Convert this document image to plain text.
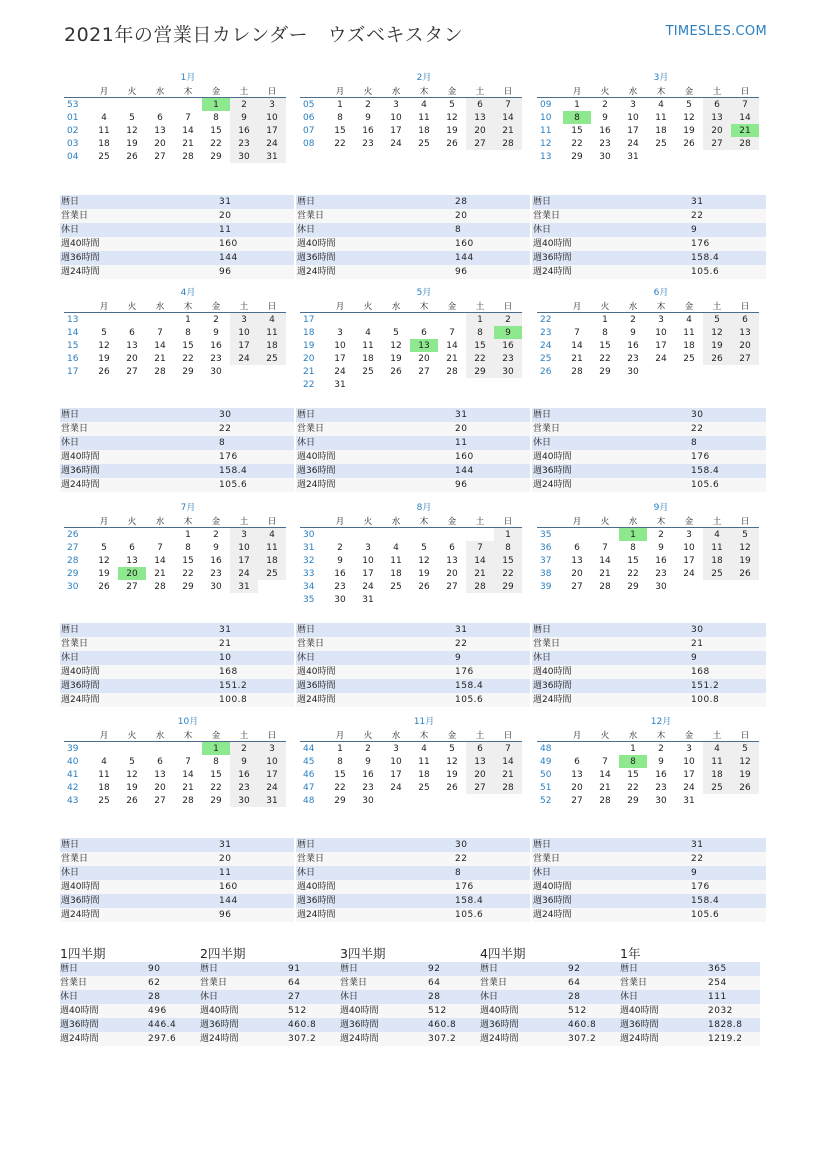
2021年の営業日カレンダー　ウズベキスタン	TIMESLES.COM
1月
	月	火	水	木	金	土	日
53					1	2	3
01	4	5	6	7	8	9	10
02	11	12	13	14	15	16	17
03	18	19	20	21	22	23	24
04	25	26	27	28	29	30	31
暦日	31
営業日	20
休日	11
週40時間	160
週36時間	144
週24時間	96
2月
	月	火	水	木	金	土	日
05	1	2	3	4	5	6	7
06	8	9	10	11	12	13	14
07	15	16	17	18	19	20	21
08	22	23	24	25	26	27	28
暦日	28
営業日	20
休日	8
週40時間	160
週36時間	144
週24時間	96
3月
	月	火	水	木	金	土	日
09	1	2	3	4	5	6	7
10	8	9	10	11	12	13	14
11	15	16	17	18	19	20	21
12	22	23	24	25	26	27	28
13	29	30	31				
暦日	31
営業日	22
休日	9
週40時間	176
週36時間	158.4
週24時間	105.6
4月
	月	火	水	木	金	土	日
13				1	2	3	4
14	5	6	7	8	9	10	11
15	12	13	14	15	16	17	18
16	19	20	21	22	23	24	25
17	26	27	28	29	30		
暦日	30
営業日	22
休日	8
週40時間	176
週36時間	158.4
週24時間	105.6
5月
	月	火	水	木	金	土	日
17						1	2
18	3	4	5	6	7	8	9
19	10	11	12	13	14	15	16
20	17	18	19	20	21	22	23
21	24	25	26	27	28	29	30
22	31						
暦日	31
営業日	20
休日	11
週40時間	160
週36時間	144
週24時間	96
6月
	月	火	水	木	金	土	日
22		1	2	3	4	5	6
23	7	8	9	10	11	12	13
24	14	15	16	17	18	19	20
25	21	22	23	24	25	26	27
26	28	29	30				
暦日	30
営業日	22
休日	8
週40時間	176
週36時間	158.4
週24時間	105.6
7月
	月	火	水	木	金	土	日
26				1	2	3	4
27	5	6	7	8	9	10	11
28	12	13	14	15	16	17	18
29	19	20	21	22	23	24	25
30	26	27	28	29	30	31	
暦日	31
営業日	21
休日	10
週40時間	168
週36時間	151.2
週24時間	100.8
8月
	月	火	水	木	金	土	日
30							1
31	2	3	4	5	6	7	8
32	9	10	11	12	13	14	15
33	16	17	18	19	20	21	22
34	23	24	25	26	27	28	29
35	30	31					
暦日	31
営業日	22
休日	9
週40時間	176
週36時間	158.4
週24時間	105.6
9月
	月	火	水	木	金	土	日
35			1	2	3	4	5
36	6	7	8	9	10	11	12
37	13	14	15	16	17	18	19
38	20	21	22	23	24	25	26
39	27	28	29	30			
暦日	30
営業日	21
休日	9
週40時間	168
週36時間	151.2
週24時間	100.8
10月
	月	火	水	木	金	土	日
39					1	2	3
40	4	5	6	7	8	9	10
41	11	12	13	14	15	16	17
42	18	19	20	21	22	23	24
43	25	26	27	28	29	30	31
暦日	31
営業日	20
休日	11
週40時間	160
週36時間	144
週24時間	96
11月
	月	火	水	木	金	土	日
44	1	2	3	4	5	6	7
45	8	9	10	11	12	13	14
46	15	16	17	18	19	20	21
47	22	23	24	25	26	27	28
48	29	30					
暦日	30
営業日	22
休日	8
週40時間	176
週36時間	158.4
週24時間	105.6
12月
	月	火	水	木	金	土	日
48			1	2	3	4	5
49	6	7	8	9	10	11	12
50	13	14	15	16	17	18	19
51	20	21	22	23	24	25	26
52	27	28	29	30	31		
暦日	31
営業日	22
休日	9
週40時間	176
週36時間	158.4
週24時間	105.6
1四半期
暦日	90
営業日	62
休日	28
週40時間	496
週36時間	446.4
週24時間	297.6
2四半期
暦日	91
営業日	64
休日	27
週40時間	512
週36時間	460.8
週24時間	307.2
3四半期
暦日	92
営業日	64
休日	28
週40時間	512
週36時間	460.8
週24時間	307.2
4四半期
暦日	92
営業日	64
休日	28
週40時間	512
週36時間	460.8
週24時間	307.2
1年
暦日	365
営業日	254
休日	111
週40時間	2032
週36時間	1828.8
週24時間	1219.2
